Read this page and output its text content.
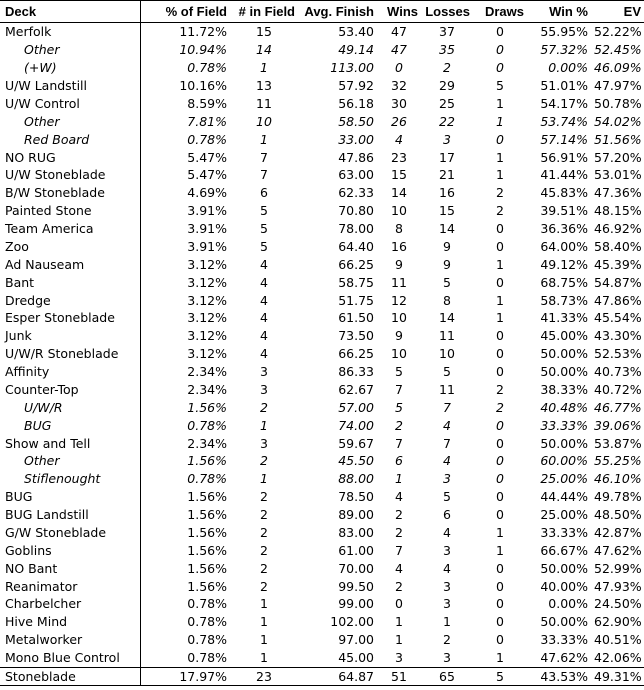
Deck	% of Field	# in Field	Avg. Finish	Wins	Losses	Draws	Win %	EV
Merfolk	11.72%	15	53.40	47	37	0	55.95%	52.22%
Other	10.94%	14	49.14	47	35	0	57.32%	52.45%
(+W)	0.78%	1	113.00	0	2	0	0.00%	46.09%
U/W Landstill	10.16%	13	57.92	32	29	5	51.01%	47.97%
U/W Control	8.59%	11	56.18	30	25	1	54.17%	50.78%
Other	7.81%	10	58.50	26	22	1	53.74%	54.02%
Red Board	0.78%	1	33.00	4	3	0	57.14%	51.56%
NO RUG	5.47%	7	47.86	23	17	1	56.91%	57.20%
U/W Stoneblade	5.47%	7	63.00	15	21	1	41.44%	53.01%
B/W Stoneblade	4.69%	6	62.33	14	16	2	45.83%	47.36%
Painted Stone	3.91%	5	70.80	10	15	2	39.51%	48.15%
Team America	3.91%	5	78.00	8	14	0	36.36%	46.92%
Zoo	3.91%	5	64.40	16	9	0	64.00%	58.40%
Ad Nauseam	3.12%	4	66.25	9	9	1	49.12%	45.39%
Bant	3.12%	4	58.75	11	5	0	68.75%	54.87%
Dredge	3.12%	4	51.75	12	8	1	58.73%	47.86%
Esper Stoneblade	3.12%	4	61.50	10	14	1	41.33%	45.54%
Junk	3.12%	4	73.50	9	11	0	45.00%	43.30%
U/W/R Stoneblade	3.12%	4	66.25	10	10	0	50.00%	52.53%
Affinity	2.34%	3	86.33	5	5	0	50.00%	40.73%
Counter-Top	2.34%	3	62.67	7	11	2	38.33%	40.72%
U/W/R	1.56%	2	57.00	5	7	2	40.48%	46.77%
BUG	0.78%	1	74.00	2	4	0	33.33%	39.06%
Show and Tell	2.34%	3	59.67	7	7	0	50.00%	53.87%
Other	1.56%	2	45.50	6	4	0	60.00%	55.25%
Stiflenought	0.78%	1	88.00	1	3	0	25.00%	46.10%
BUG	1.56%	2	78.50	4	5	0	44.44%	49.78%
BUG Landstill	1.56%	2	89.00	2	6	0	25.00%	48.50%
G/W Stoneblade	1.56%	2	83.00	2	4	1	33.33%	42.87%
Goblins	1.56%	2	61.00	7	3	1	66.67%	47.62%
NO Bant	1.56%	2	70.00	4	4	0	50.00%	52.99%
Reanimator	1.56%	2	99.50	2	3	0	40.00%	47.93%
Charbelcher	0.78%	1	99.00	0	3	0	0.00%	24.50%
Hive Mind	0.78%	1	102.00	1	1	0	50.00%	62.90%
Metalworker	0.78%	1	97.00	1	2	0	33.33%	40.51%
Mono Blue Control	0.78%	1	45.00	3	3	1	47.62%	42.06%
Stoneblade	17.97%	23	64.87	51	65	5	43.53%	49.31%
